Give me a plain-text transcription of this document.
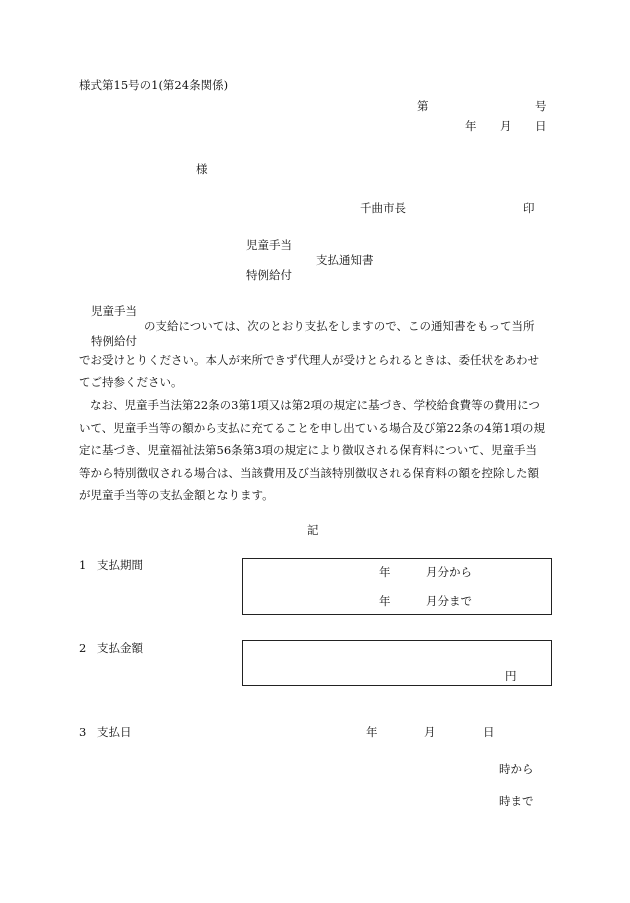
様式第15号の1(第24条関係)
第	号
年 月 日
様
千曲市長	印
児童手当
支払通知書
特例給付
児童手当
の支給については、次のとおり支払をしますので、この通知書をもって当所
特例給付
でお受けとりください。本人が来所できず代理人が受けとられるときは、委任状をあわせ
てご持参ください。
なお、児童手当法第22条の3第1項又は第2項の規定に基づき、学校給食費等の費用につ
いて、児童手当等の額から支払に充てることを申し出ている場合及び第22条の4第1項の規
定に基づき、児童福祉法第56条第3項の規定により徴収される保育料について、児童手当
等から特別徴収される場合は、当該費用及び当該特別徴収される保育料の額を控除した額
が児童手当等の支払金額となります。
記
1 支払期間	年	月分から
年	月分まで
2 支払金額
円
3 支払日	年	月	日
時から
時まで
